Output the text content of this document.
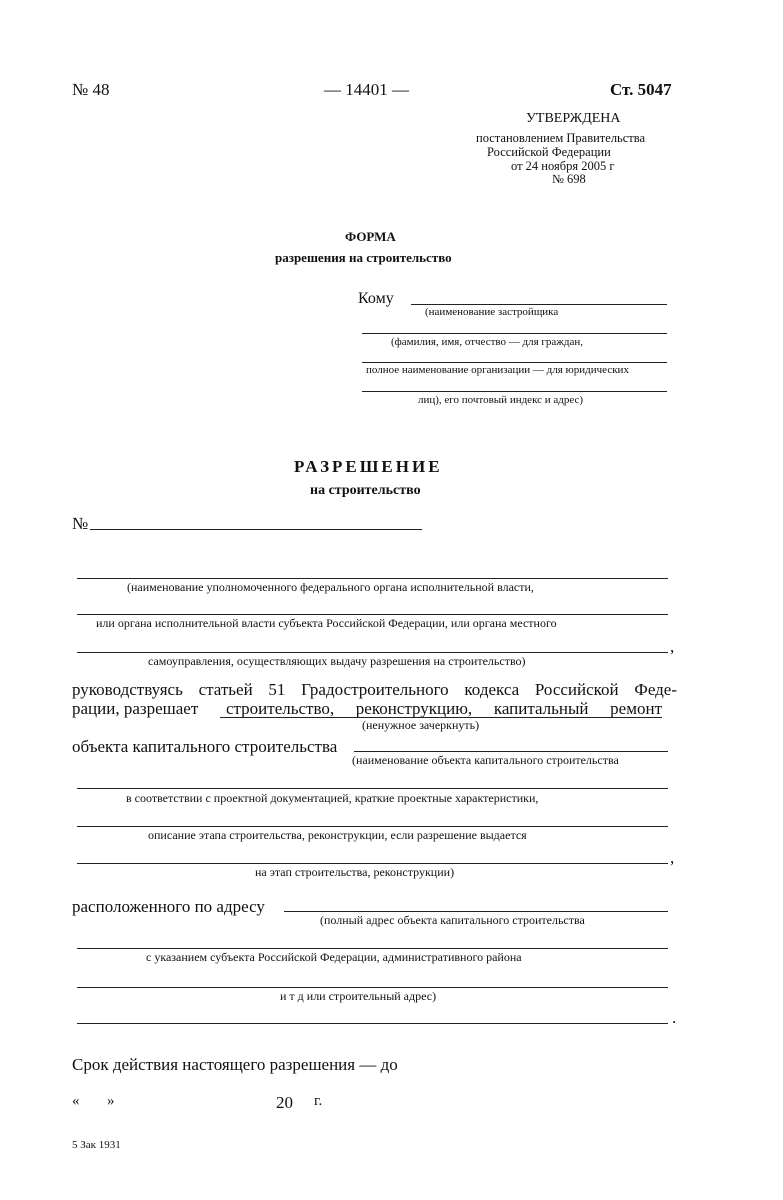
№ 48	— 14401 —	Ст. 5047
УТВЕРЖДЕНА
постановлением Правительства
Российской Федерации
от 24 ноября 2005 г
№ 698
ФОРМА
разрешения на строительство
Кому
(наименование застройщика
(фамилия, имя, отчество — для граждан,
полное наименование организации — для юридических
лиц), его почтовый индекс и адрес)
РАЗРЕШЕНИЕ
на строительство
№
(наименование уполномоченного федерального органа исполнительной власти,
или органа исполнительной власти субъекта Российской Федерации, или органа местного
,
самоуправления, осуществляющих выдачу разрешения на строительство)
руководствуясь статьей 51 Градостроительного кодекса Российской Феде-
рации, разрешает строительство, реконструкцию, капитальный ремонт
(ненужное зачеркнуть)
объекта капитального строительства
(наименование объекта капитального строительства
в соответствии с проектной документацией, краткие проектные характеристики,
описание этапа строительства, реконструкции, если разрешение выдается
,
на этап строительства, реконструкции)
расположенного по адресу
(полный адрес объекта капитального строительства
с указанием субъекта Российской Федерации, административного района
и т д или строительный адрес)
.
Срок действия настоящего разрешения — до
« »	20 г.
5 Зак 1931
